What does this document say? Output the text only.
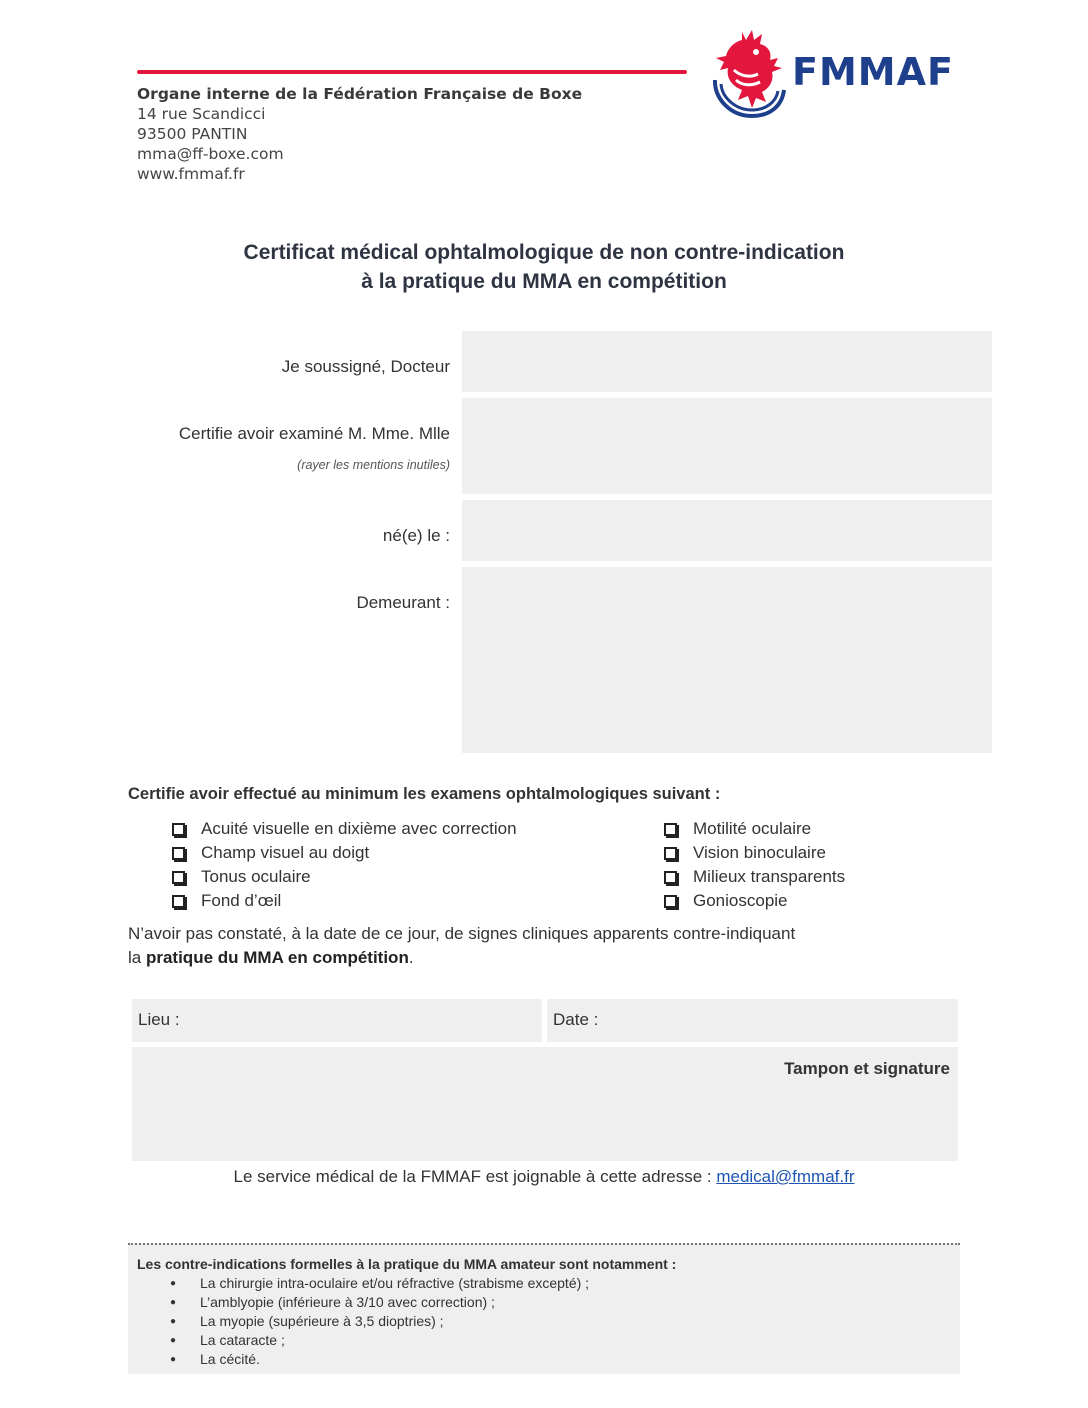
Organe interne de la Fédération Française de Boxe
14 rue Scandicci
93500 PANTIN
mma@ff-boxe.com
www.fmmaf.fr
FMMAF
Certificat médical ophtalmologique de non contre-indication
à la pratique du MMA en compétition
Je soussigné, Docteur
Certifie avoir examiné M. Mme. Mlle
(rayer les mentions inutiles)
né(e) le :
Demeurant :
Certifie avoir effectué au minimum les examens ophtalmologiques suivant :
Acuité visuelle en dixième avec correction
Champ visuel au doigt
Tonus oculaire
Fond d’œil
Motilité oculaire
Vision binoculaire
Milieux transparents
Gonioscopie
N’avoir pas constaté, à la date de ce jour, de signes cliniques apparents contre-indiquant
la pratique du MMA en compétition.
Lieu :	Date :
Tampon et signature
Le service médical de la FMMAF est joignable à cette adresse : medical@fmmaf.fr
Les contre-indications formelles à la pratique du MMA amateur sont notamment :
●	La chirurgie intra-oculaire et/ou réfractive (strabisme excepté) ;
●	L’amblyopie (inférieure à 3/10 avec correction) ;
●	La myopie (supérieure à 3,5 dioptries) ;
●	La cataracte ;
●	La cécité.
